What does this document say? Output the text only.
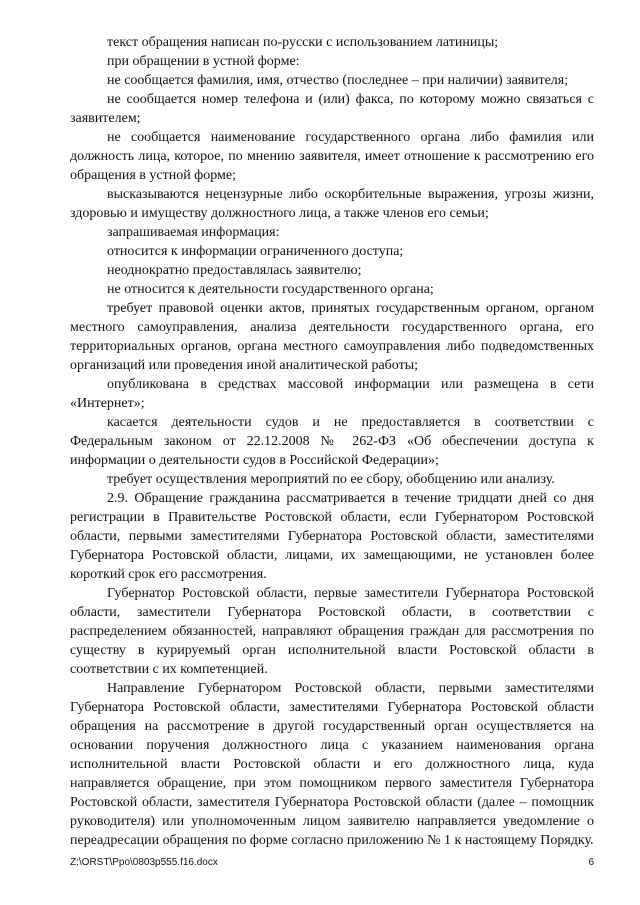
текст обращения написан по-русски с использованием латиницы;

при обращении в устной форме:

не сообщается фамилия, имя, отчество (последнее – при наличии) заявителя;

не сообщается номер телефона и (или) факса, по которому можно связаться с заявителем;

не сообщается наименование государственного органа либо фамилия или должность лица, которое, по мнению заявителя, имеет отношение к рассмотрению его обращения в устной форме;

высказываются нецензурные либо оскорбительные выражения, угрозы жизни, здоровью и имуществу должностного лица, а также членов его семьи;

запрашиваемая информация:

относится к информации ограниченного доступа;

неоднократно предоставлялась заявителю;

не относится к деятельности государственного органа;

требует правовой оценки актов, принятых государственным органом, органом местного самоуправления, анализа деятельности государственного органа, его территориальных органов, органа местного самоуправления либо подведомственных организаций или проведения иной аналитической работы;

опубликована в средствах массовой информации или размещена в сети «Интернет»;

касается деятельности судов и не предоставляется в соответствии с Федеральным законом от 22.12.2008 № 262-ФЗ «Об обеспечении доступа к информации о деятельности судов в Российской Федерации»;

требует осуществления мероприятий по ее сбору, обобщению или анализу.

2.9. Обращение гражданина рассматривается в течение тридцати дней со дня регистрации в Правительстве Ростовской области, если Губернатором Ростовской области, первыми заместителями Губернатора Ростовской области, заместителями Губернатора Ростовской области, лицами, их замещающими, не установлен более короткий срок его рассмотрения.

Губернатор Ростовской области, первые заместители Губернатора Ростовской области, заместители Губернатора Ростовской области, в соответствии с распределением обязанностей, направляют обращения граждан для рассмотрения по существу в курируемый орган исполнительной власти Ростовской области в соответствии с их компетенцией.

Направление Губернатором Ростовской области, первыми заместителями Губернатора Ростовской области, заместителями Губернатора Ростовской области обращения на рассмотрение в другой государственный орган осуществляется на основании поручения должностного лица с указанием наименования органа исполнительной власти Ростовской области и его должностного лица, куда направляется обращение, при этом помощником первого заместителя Губернатора Ростовской области, заместителя Губернатора Ростовской области (далее – помощник руководителя) или уполномоченным лицом заявителю направляется уведомление о переадресации обращения по форме согласно приложению № 1 к настоящему Порядку.

Z:\ORST\Ppo\0803p555.f16.docx	6
